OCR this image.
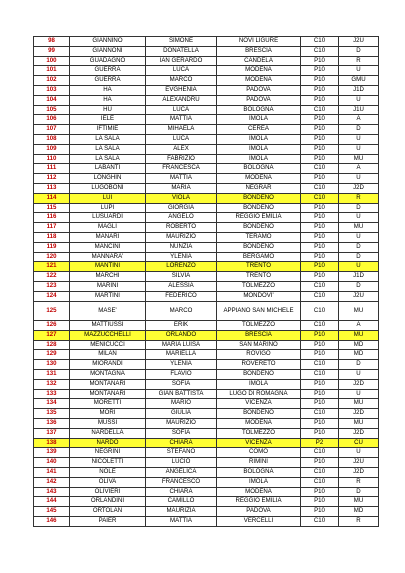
98	GIANNINO	SIMONE	NOVI LIGURE	C10	J2U
99	GIANNONI	DONATELLA	BRESCIA	C10	D
100	GUADAGNO	IAN GERARDO	CANDELA	P10	R
101	GUERRA	LUCA	MODENA	P10	U
102	GUERRA	MARCO	MODENA	P10	GMU
103	HA	EVGHENIA	PADOVA	P10	J1D
104	HA	ALEXANDRU	PADOVA	P10	U
105	HU	LUCA	BOLOGNA	C10	J1U
106	IELE	MATTIA	IMOLA	P10	A
107	IFTIMIE	MIHAELA	CEREA	P10	D
108	LA SALA	LUCA	IMOLA	P10	U
109	LA SALA	ALEX	IMOLA	P10	U
110	LA SALA	FABRIZIO	IMOLA	P10	MU
111	LABANTI	FRANCESCA	BOLOGNA	C10	A
112	LONGHIN	MATTIA	MODENA	P10	U
113	LUGOBONI	MARIA	NEGRAR	C10	J2D
114	LUI	VIOLA	BONDENO	C10	R
115	LUPI	GIORGIA	BONDENO	P10	D
116	LUSUARDI	ANGELO	REGGIO EMILIA	P10	U
117	MAGLI	ROBERTO	BONDENO	P10	MU
118	MANARI	MAURIZIO	TERAMO	P10	U
119	MANCINI	NUNZIA	BONDENO	P10	D
120	MANNARA'	YLENIA	BERGAMO	P10	D
121	MANTINI	LORENZO	TRENTO	P10	U
122	MARCHI	SILVIA	TRENTO	P10	J1D
123	MARINI	ALESSIA	TOLMEZZO	C10	D
124	MARTINI	FEDERICO	MONDOVI'	C10	J2U
125	MASE'	MARCO	APPIANO SAN MICHELE	C10	MU
126	MATTIUSSI	ERIK	TOLMEZZO	C10	A
127	MAZZUCCHELLI	ORLANDO	BRESCIA	P10	MU
128	MENICUCCI	MARIA LUISA	SAN MARINO	P10	MD
129	MILAN	MARIELLA	ROVIGO	P10	MD
130	MIORANDI	YLENIA	ROVERETO	C10	D
131	MONTAGNA	FLAVIO	BONDENO	C10	U
132	MONTANARI	SOFIA	IMOLA	P10	J2D
133	MONTANARI	GIAN BATTISTA	LUGO DI ROMAGNA	P10	U
134	MORETTI	MARIO	VICENZA	P10	MU
135	MORI	GIULIA	BONDENO	C10	J2D
136	MUSSI	MAURIZIO	MODENA	P10	MU
137	NARDELLA	SOFIA	TOLMEZZO	P10	J2D
138	NARDO	CHIARA	VICENZA	P2	CU
139	NEGRINI	STEFANO	COMO	C10	U
140	NICOLETTI	LUCIO	RIMINI	P10	J2U
141	NOLÈ	ANGELICA	BOLOGNA	C10	J2D
142	OLIVA	FRANCESCO	IMOLA	C10	R
143	OLIVIERI	CHIARA	MODENA	P10	D
144	ORLANDINI	CAMILLO	REGGIO EMILIA	P10	MU
145	ORTOLAN	MAURIZIA	PADOVA	P10	MD
146	PAIER	MATTIA	VERCELLI	C10	R
